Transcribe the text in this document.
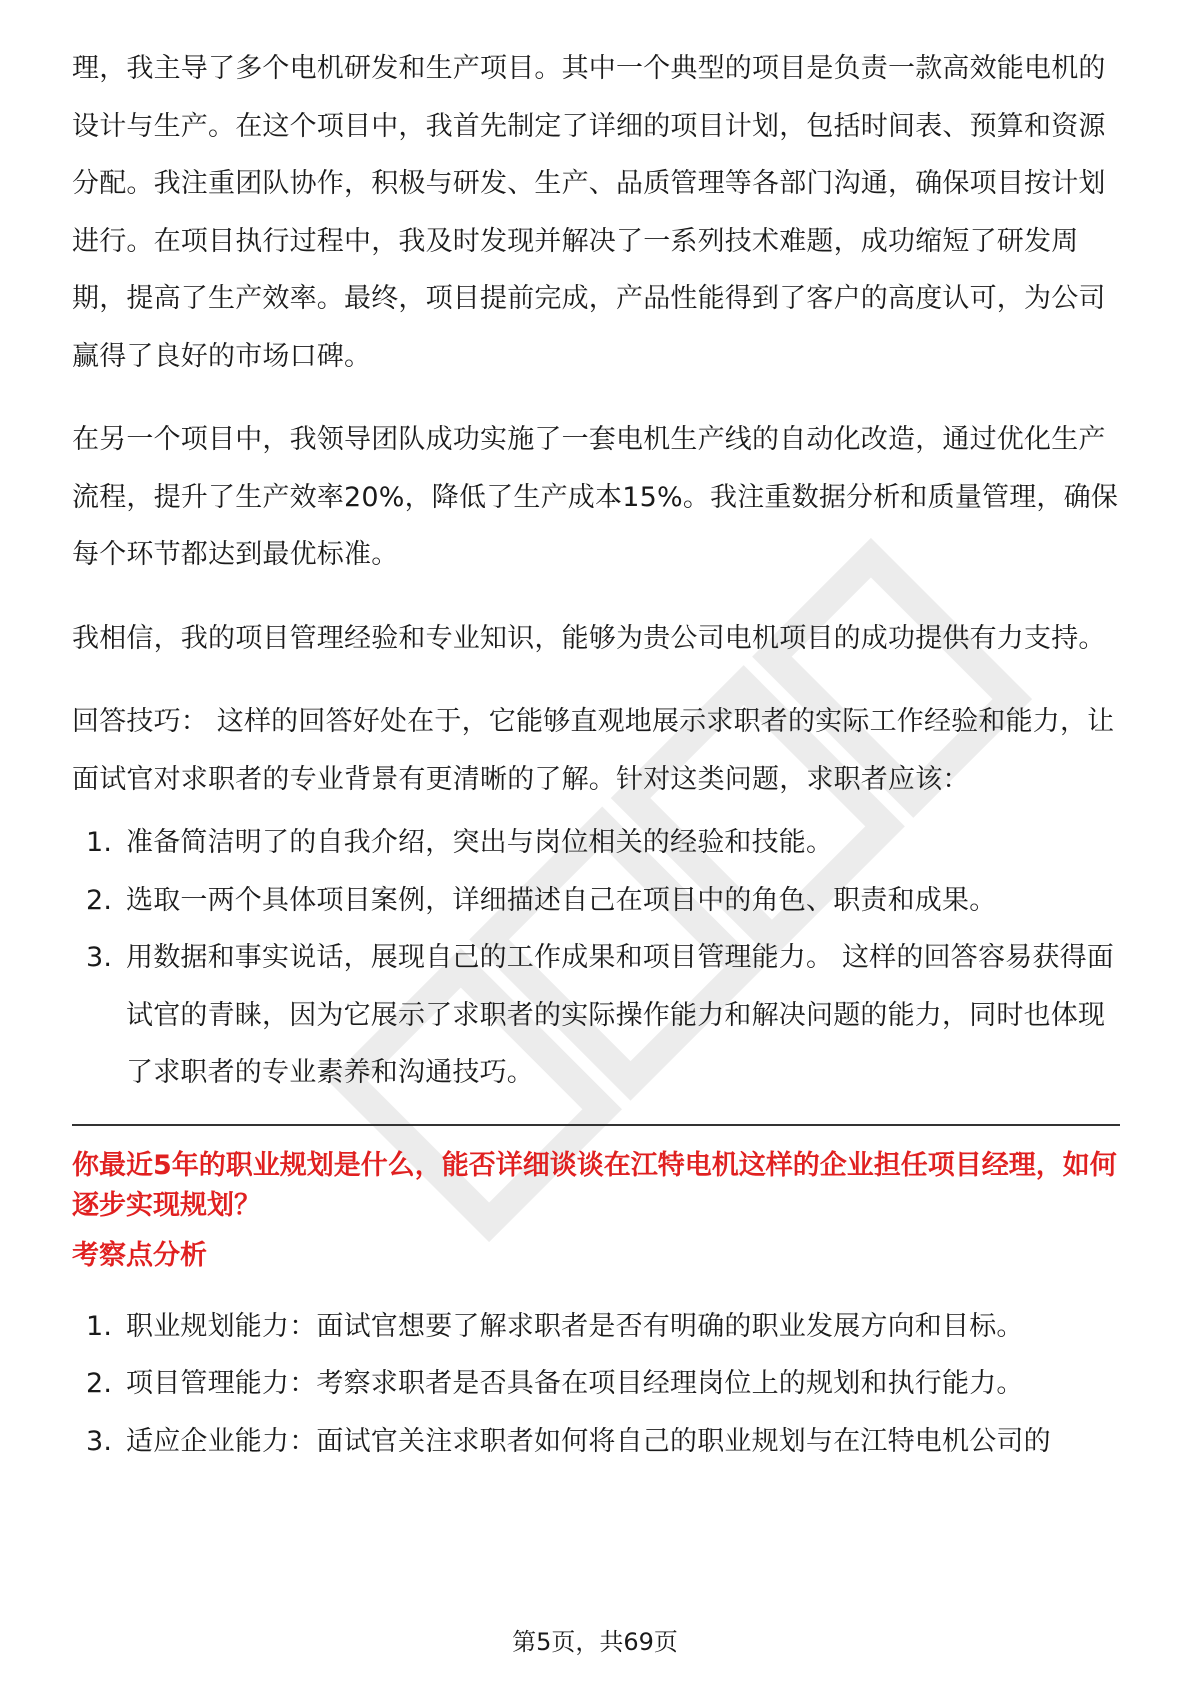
理，我主导了多个电机研发和生产项目。其中一个典型的项目是负责一款高效能电机的设计与生产。在这个项目中，我首先制定了详细的项目计划，包括时间表、预算和资源分配。我注重团队协作，积极与研发、生产、品质管理等各部门沟通，确保项目按计划进行。在项目执行过程中，我及时发现并解决了一系列技术难题，成功缩短了研发周期，提高了生产效率。最终，项目提前完成，产品性能得到了客户的高度认可，为公司赢得了良好的市场口碑。

在另一个项目中，我领导团队成功实施了一套电机生产线的自动化改造，通过优化生产流程，提升了生产效率20%，降低了生产成本15%。我注重数据分析和质量管理，确保每个环节都达到最优标准。

我相信，我的项目管理经验和专业知识，能够为贵公司电机项目的成功提供有力支持。

回答技巧： 这样的回答好处在于，它能够直观地展示求职者的实际工作经验和能力，让面试官对求职者的专业背景有更清晰的了解。针对这类问题，求职者应该：

1. 准备简洁明了的自我介绍，突出与岗位相关的经验和技能。
2. 选取一两个具体项目案例，详细描述自己在项目中的角色、职责和成果。
3. 用数据和事实说话，展现自己的工作成果和项目管理能力。 这样的回答容易获得面试官的青睐，因为它展示了求职者的实际操作能力和解决问题的能力，同时也体现了求职者的专业素养和沟通技巧。
你最近5年的职业规划是什么，能否详细谈谈在江特电机这样的企业担任项目经理，如何逐步实现规划？
考察点分析
1. 职业规划能力：面试官想要了解求职者是否有明确的职业发展方向和目标。
2. 项目管理能力：考察求职者是否具备在项目经理岗位上的规划和执行能力。
3. 适应企业能力：面试官关注求职者如何将自己的职业规划与在江特电机公司的
第5页，共69页
